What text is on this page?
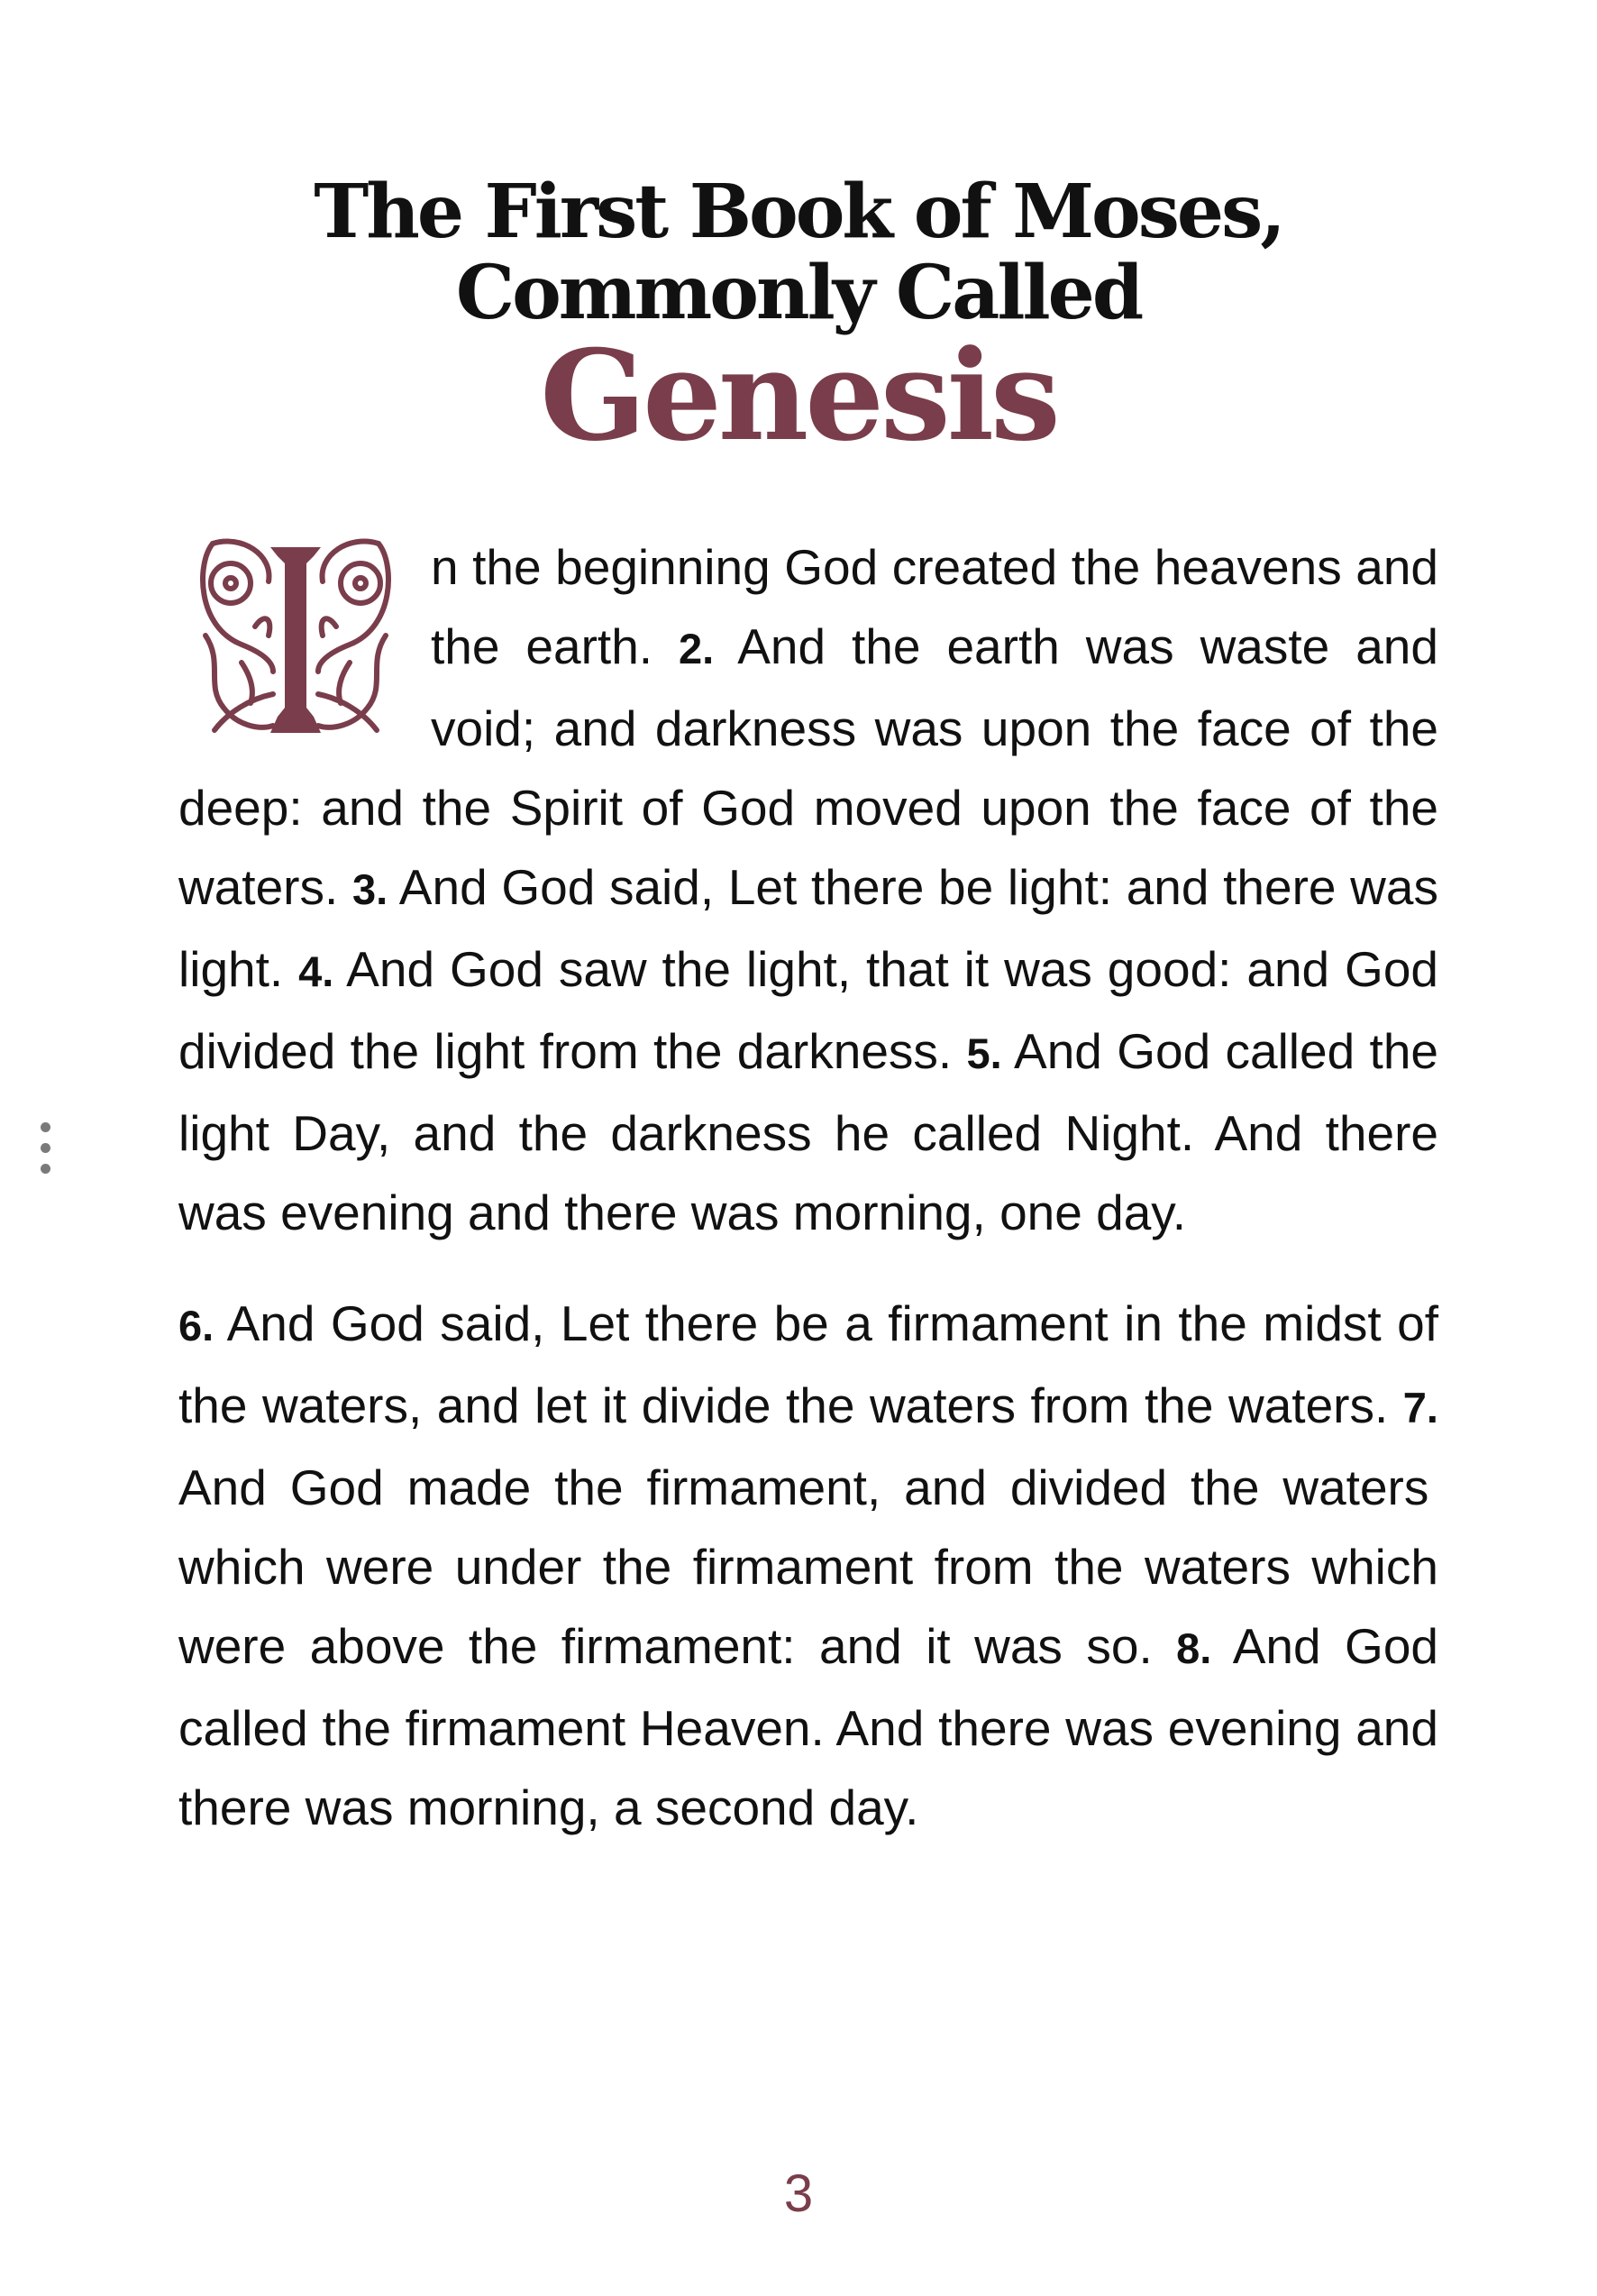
The First Book of Moses,
Commonly Called
Genesis

n the beginning God created the heavens and the earth. 2. And the earth was waste and void; and darkness was upon the face of the deep: and the Spirit of God moved upon the face of the waters. 3. And God said, Let there be light: and there was light. 4. And God saw the light, that it was good: and God divided the light from the darkness. 5. And God called the light Day, and the darkness he called Night. And there was evening and there was morning, one day.

6. And God said, Let there be a firmament in the midst of the waters, and let it divide the waters from the waters. 7. And God made the firmament, and divided the waters which were under the firmament from the waters which were above the firmament: and it was so. 8. And God called the firmament Heaven. And there was evening and there was morning, a second day.

3
